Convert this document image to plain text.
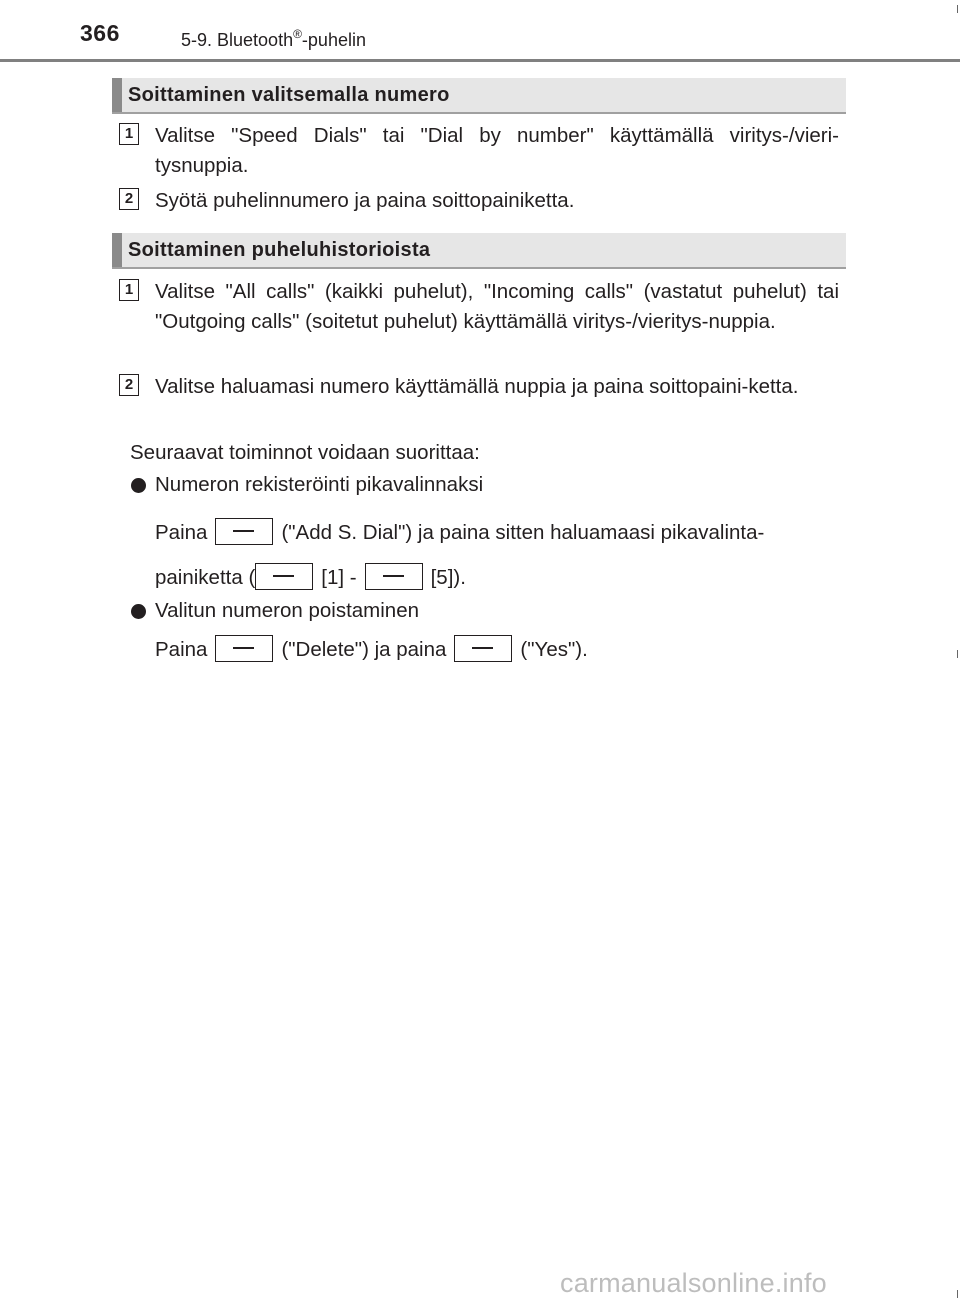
366	5-9. Bluetooth®-puhelin
Soittaminen valitsemalla numero
1 Valitse "Speed Dials" tai "Dial by number" käyttämällä viritys-/vieri-tysnuppia.
2 Syötä puhelinnumero ja paina soittopainiketta.
Soittaminen puheluhistorioista
1 Valitse "All calls" (kaikki puhelut), "Incoming calls" (vastatut puhelut) tai "Outgoing calls" (soitetut puhelut) käyttämällä viritys-/vieritys-nuppia.
2 Valitse haluamasi numero käyttämällä nuppia ja paina soittopaini-ketta.
Seuraavat toiminnot voidaan suorittaa:
Numeron rekisteröinti pikavalinnaksi
Paina	("Add S. Dial") ja paina sitten haluamaasi pikavalinta-
painiketta (	[1] -	[5]).
Valitun numeron poistaminen
Paina	("Delete") ja paina	("Yes").
carmanualsonline.info
